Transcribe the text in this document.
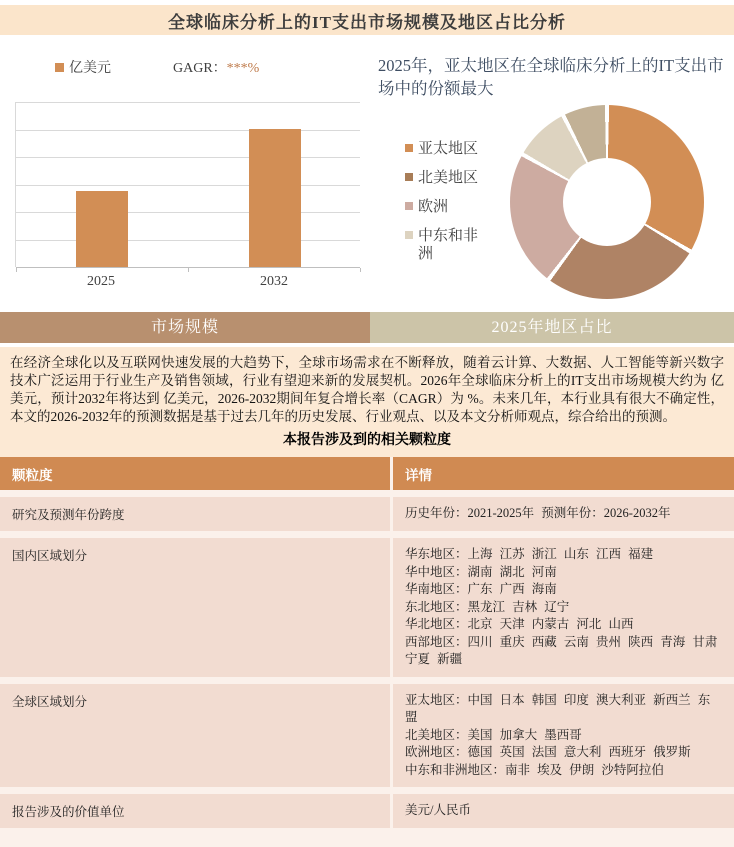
全球临床分析上的IT支出市场规模及地区占比分析
亿美元	GAGR：***%
2025	2032
2025年，亚太地区在全球临床分析上的IT支出市场中的份额最大
亚太地区
北美地区
欧洲
中东和非洲
市场规模	2025年地区占比
在经济全球化以及互联网快速发展的大趋势下，全球市场需求在不断释放，随着云计算、大数据、人工智能等新兴数字技术广泛运用于行业生产及销售领域，行业有望迎来新的发展契机。2026年全球临床分析上的IT支出市场规模大约为 亿美元，预计2032年将达到 亿美元，2026-2032期间年复合增长率（CAGR）为 %。未来几年，本行业具有很大不确定性，本文的2026-2032年的预测数据是基于过去几年的历史发展、行业观点、以及本文分析师观点，综合给出的预测。
本报告涉及到的相关颗粒度
颗粒度	详情
研究及预测年份跨度	历史年份：2021-2025年 预测年份：2026-2032年
国内区域划分	华东地区：上海 江苏 浙江 山东 江西 福建
华中地区：湖南 湖北 河南
华南地区：广东 广西 海南
东北地区：黑龙江 吉林 辽宁
华北地区：北京 天津 内蒙古 河北 山西
西部地区：四川 重庆 西藏 云南 贵州 陕西 青海 甘肃 宁夏 新疆
全球区域划分	亚太地区：中国 日本 韩国 印度 澳大利亚 新西兰 东盟
北美地区：美国 加拿大 墨西哥
欧洲地区：德国 英国 法国 意大利 西班牙 俄罗斯
中东和非洲地区：南非 埃及 伊朗 沙特阿拉伯
报告涉及的价值单位	美元/人民币
